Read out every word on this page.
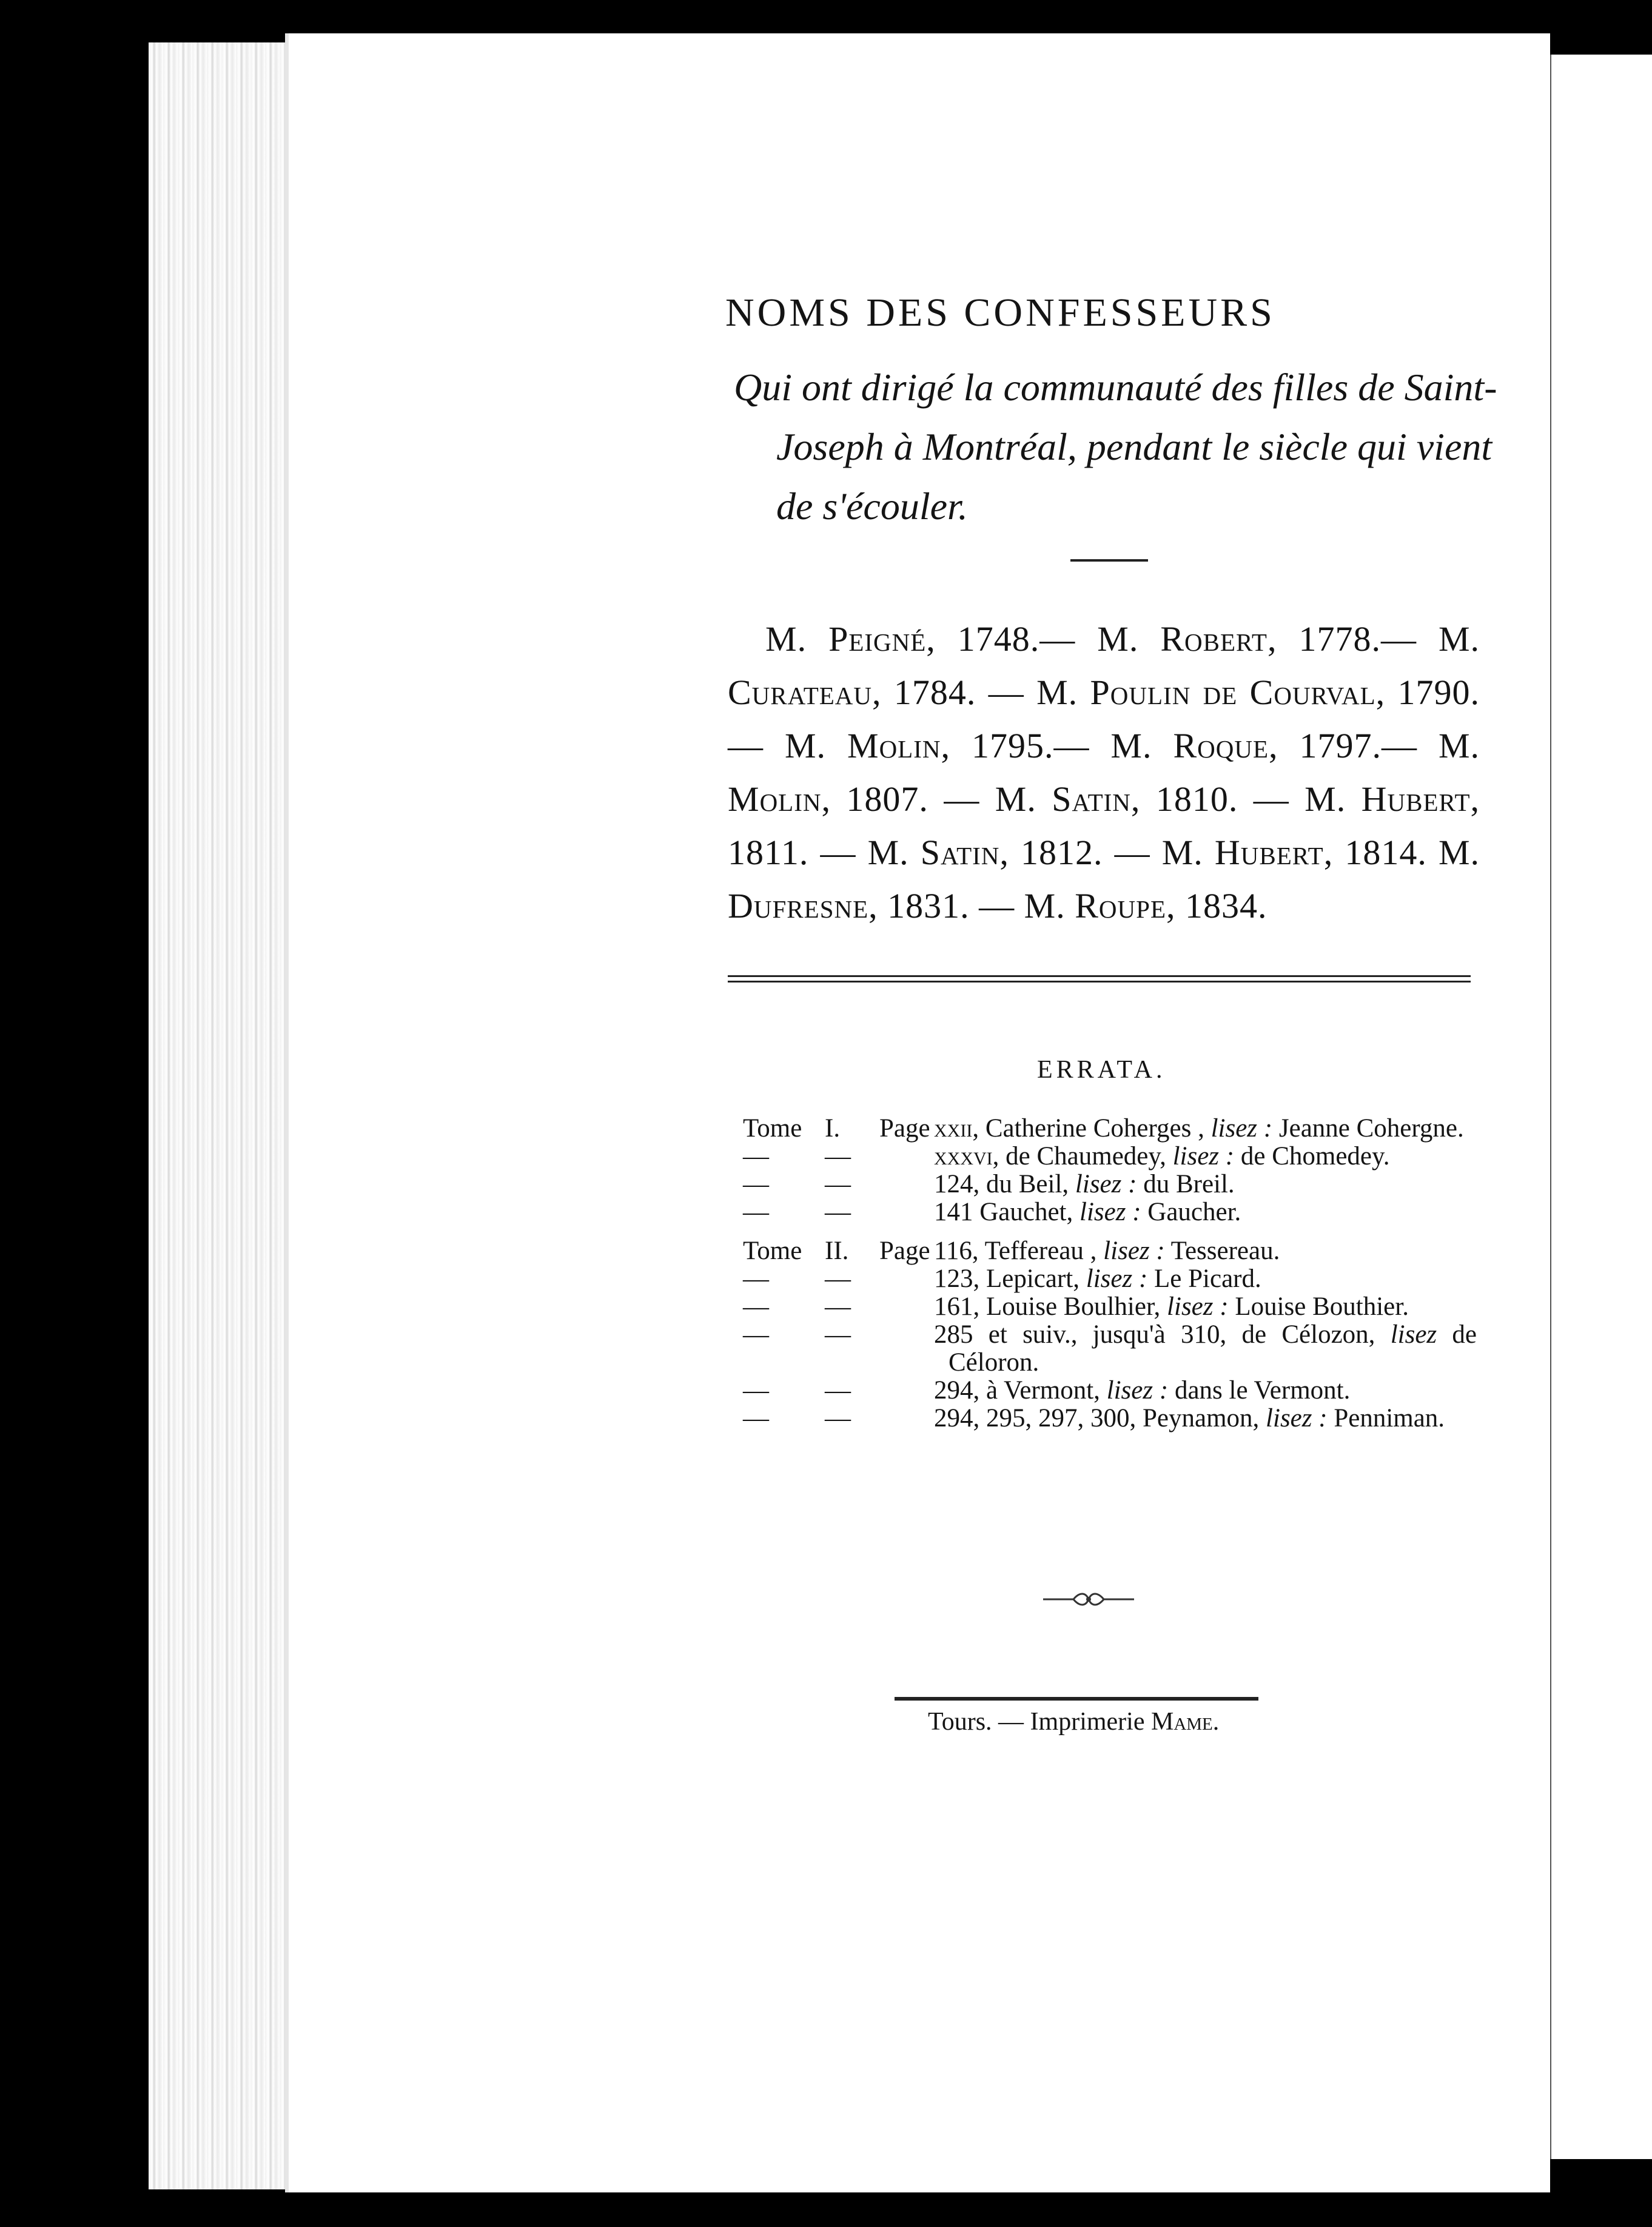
NOMS DES CONFESSEURS

Qui ont dirigé la communauté des filles de Saint-Joseph à Montréal, pendant le siècle qui vient de s'écouler.

M. Peigné, 1748.— M. Robert, 1778.— M. Curateau, 1784. — M. Poulin de Courval, 1790. — M. Molin, 1795.— M. Roque, 1797.— M. Molin, 1807. — M. Satin, 1810. — M. Hubert, 1811. — M. Satin, 1812. — M. Hubert, 1814. M. Dufresne, 1831. — M. Roupe, 1834.

ERRATA.
Tome I.	Page xxii, Catherine Coherges , lisez : Jeanne Cohergne.
—	—	xxxvi, de Chaumedey, lisez : de Chomedey.
—	—	124, du Beil, lisez : du Breil.
—	—	141 Gauchet, lisez : Gaucher.
Tome II.	Page 116, Teffereau , lisez : Tessereau.
—	—	123, Lepicart, lisez : Le Picard.
—	—	161, Louise Boulhier, lisez : Louise Bouthier.
—	—	285 et suiv., jusqu'à 310, de Célozon, lisez de Céloron.
—	—	294, à Vermont, lisez : dans le Vermont.
—	—	294, 295, 297, 300, Peynamon, lisez : Penniman.

Tours. — Imprimerie Mame.
